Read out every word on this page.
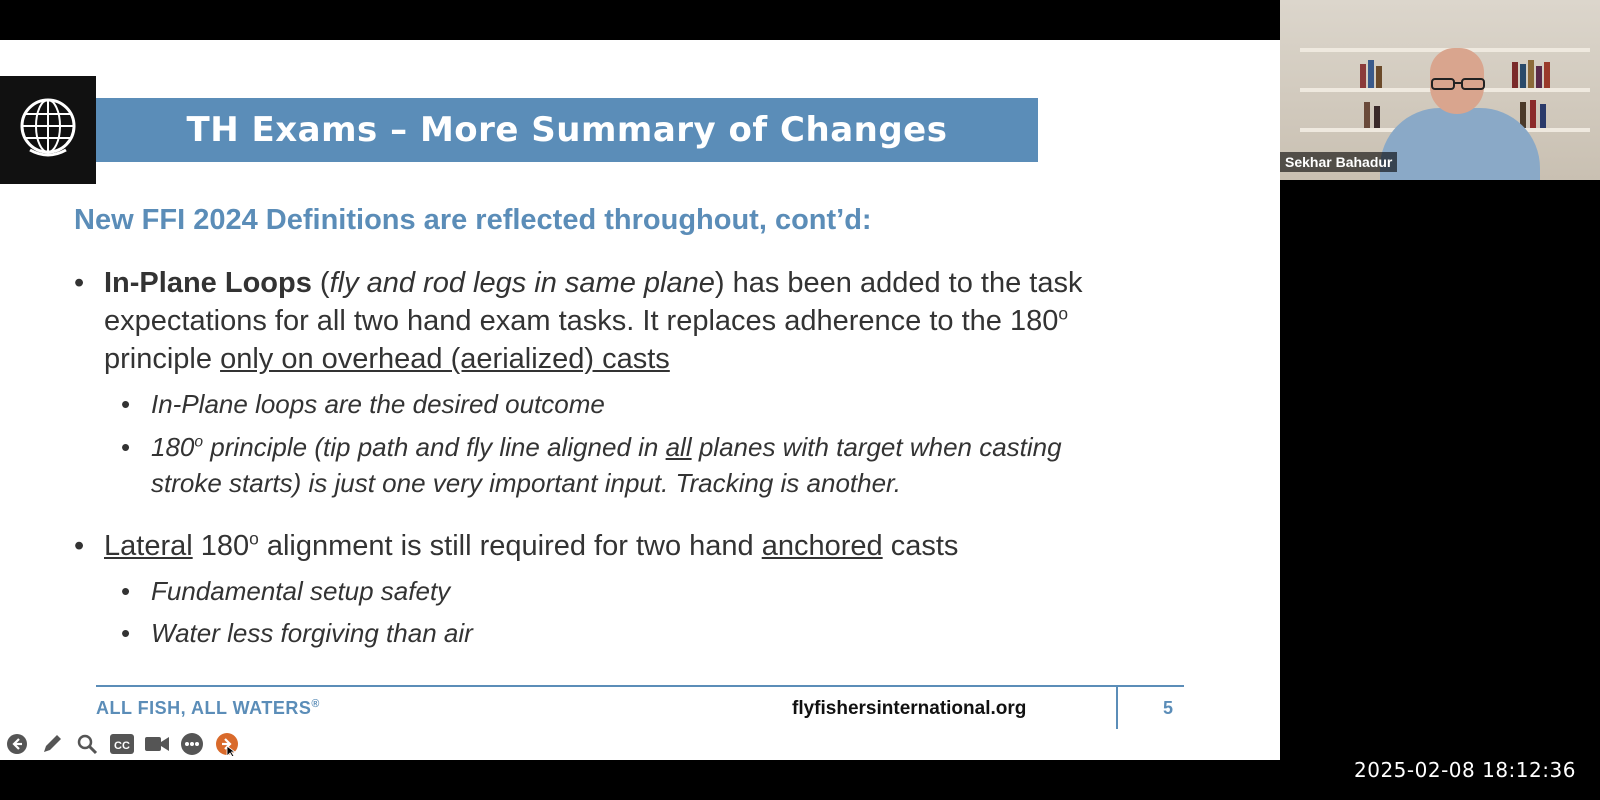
TH Exams – More Summary of Changes
New FFI 2024 Definitions are reflected throughout, cont’d:
• In-Plane Loops (fly and rod legs in same plane) has been added to the task expectations for all two hand exam tasks. It replaces adherence to the 180$^o$ principle only on overhead (aerialized) casts
• In-Plane loops are the desired outcome
• 180$^o$ principle (tip path and fly line aligned in all planes with target when casting stroke starts) is just one very important input. Tracking is another.
• Lateral 180$^o$ alignment is still required for two hand anchored casts
• Fundamental setup safety
• Water less forgiving than air
ALL FISH, ALL WATERS®	flyfishersinternational.org	5
CC
Sekhar Bahadur
2025-02-08 18:12:36
